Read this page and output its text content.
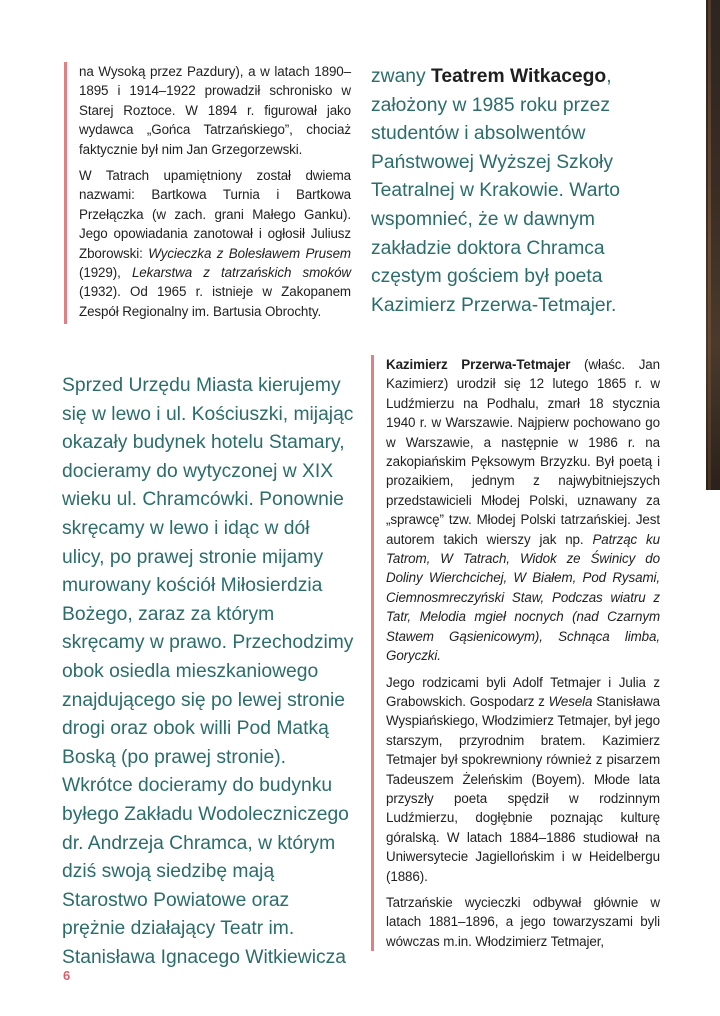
na Wysoką przez Pazdury), a w latach 1890–1895 i 1914–1922 prowadził schronisko w Starej Roztoce. W 1894 r. figurował jako wydawca „Gońca Tatrzańskiego”, chociaż faktycznie był nim Jan Grzegorzewski.

W Tatrach upamiętniony został dwiema nazwami: Bartkowa Turnia i Bartkowa Przełączka (w zach. grani Małego Ganku). Jego opowiadania zanotował i ogłosił Juliusz Zborowski: Wycieczka z Bolesławem Prusem (1929), Lekarstwa z tatrzańskich smoków (1932). Od 1965 r. istnieje w Zakopanem Zespół Regionalny im. Bartusia Obrochty.

zwany Teatrem Witkacego, założony w 1985 roku przez studentów i absolwentów Państwowej Wyższej Szkoły Teatralnej w Krakowie. Warto wspomnieć, że w dawnym zakładzie doktora Chramca częstym gościem był poeta Kazimierz Przerwa-Tetmajer.

Sprzed Urzędu Miasta kierujemy się w lewo i ul. Kościuszki, mijając okazały budynek hotelu Stamary, docieramy do wytyczonej w XIX wieku ul. Chramcówki. Ponownie skręcamy w lewo i idąc w dół ulicy, po prawej stronie mijamy murowany kościół Miłosierdzia Bożego, zaraz za którym skręcamy w prawo. Przechodzimy obok osiedla mieszkaniowego znajdującego się po lewej stronie drogi oraz obok willi Pod Matką Boską (po prawej stronie). Wkrótce docieramy do budynku byłego Zakładu Wodoleczniczego dr. Andrzeja Chramca, w którym dziś swoją siedzibę mają Starostwo Powiatowe oraz prężnie działający Teatr im. Stanisława Ignacego Witkiewicza

Kazimierz Przerwa-Tetmajer (właśc. Jan Kazimierz) urodził się 12 lutego 1865 r. w Ludźmierzu na Podhalu, zmarł 18 stycznia 1940 r. w Warszawie. Najpierw pochowano go w Warszawie, a następnie w 1986 r. na zakopiańskim Pęksowym Brzyzku. Był poetą i prozaikiem, jednym z najwybitniejszych przedstawicieli Młodej Polski, uznawany za „sprawcę” tzw. Młodej Polski tatrzańskiej. Jest autorem takich wierszy jak np. Patrząc ku Tatrom, W Tatrach, Widok ze Świnicy do Doliny Wierchcichej, W Białem, Pod Rysami, Ciemnosmreczyński Staw, Podczas wiatru z Tatr, Melodia mgieł nocnych (nad Czarnym Stawem Gąsienicowym), Schnąca limba, Goryczki.

Jego rodzicami byli Adolf Tetmajer i Julia z Grabowskich. Gospodarz z Wesela Stanisława Wyspiańskiego, Włodzimierz Tetmajer, był jego starszym, przyrodnim bratem. Kazimierz Tetmajer był spokrewniony również z pisarzem Tadeuszem Żeleńskim (Boyem). Młode lata przyszły poeta spędził w rodzinnym Ludźmierzu, dogłębnie poznając kulturę góralską. W latach 1884–1886 studiował na Uniwersytecie Jagiellońskim i w Heidelbergu (1886).

Tatrzańskie wycieczki odbywał głównie w latach 1881–1896, a jego towarzyszami byli wówczas m.in. Włodzimierz Tetmajer,

6
